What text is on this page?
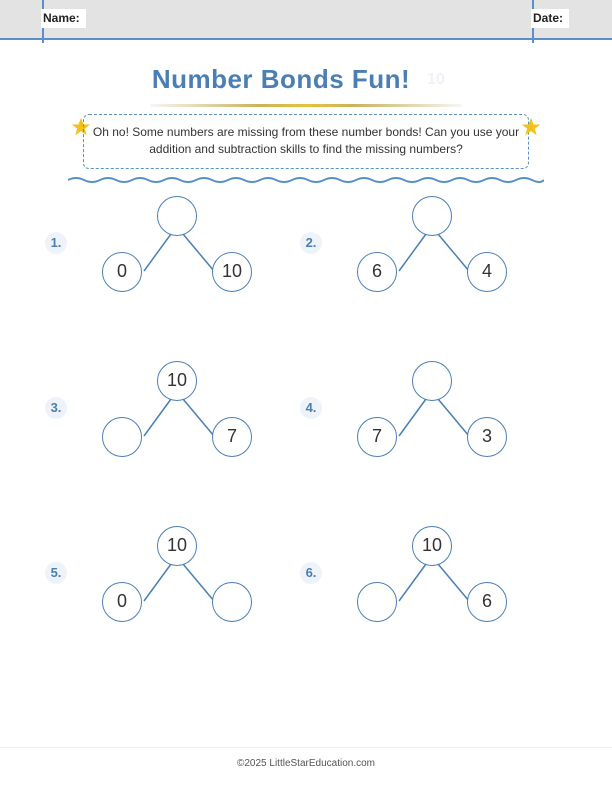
Name:	Date:
Number Bonds Fun!	10
Oh no! Some numbers are missing from these number bonds! Can you use your addition and subtraction skills to find the missing numbers?
1.
0	10
2.
6	4
3.
10
7
4.
7	3
5.
10
0
6.
10
6
©2025 LittleStarEducation.com
